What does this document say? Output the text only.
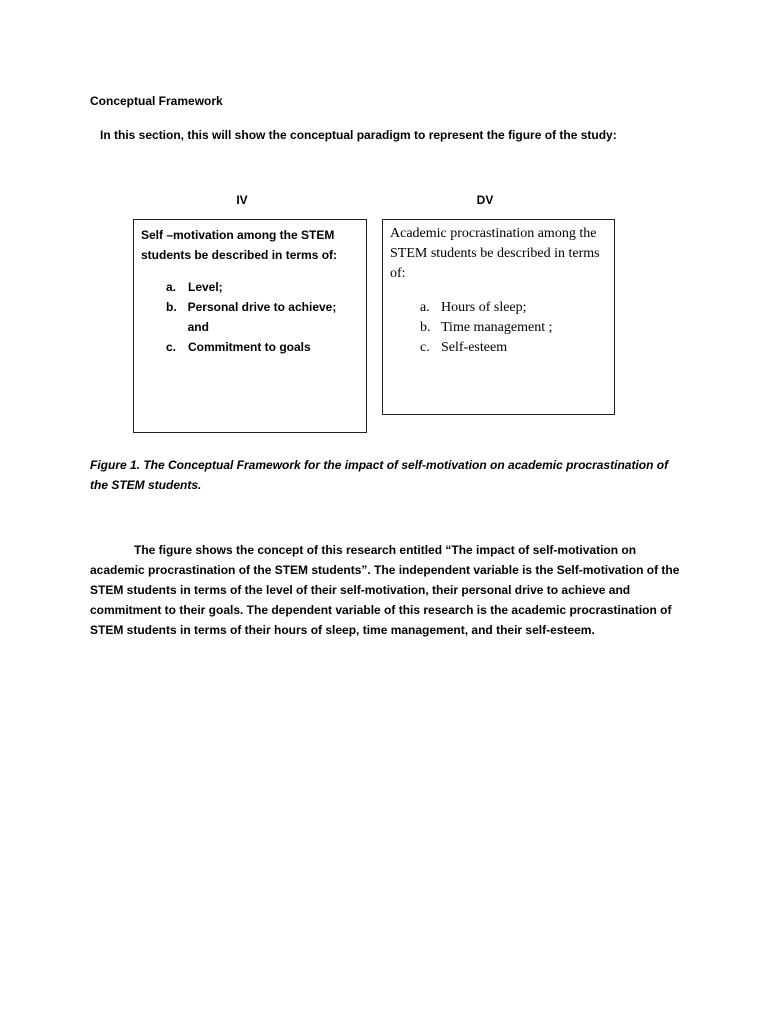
Conceptual Framework
In this section, this will show the conceptual paradigm to represent the figure of the study:
IV	DV

Self –motivation among the STEM students be described in terms of:

a. Level;
b. Personal drive to achieve; and
c. Commitment to goals

Academic procrastination among the STEM students be described in terms of:

a. Hours of sleep;
b. Time management ;
c. Self-esteem
Figure 1. The Conceptual Framework for the impact of self-motivation on academic procrastination of the STEM students.

The figure shows the concept of this research entitled “The impact of self-motivation on academic procrastination of the STEM students”. The independent variable is the Self-motivation of the STEM students in terms of the level of their self-motivation, their personal drive to achieve and commitment to their goals. The dependent variable of this research is the academic procrastination of STEM students in terms of their hours of sleep, time management, and their self-esteem.
